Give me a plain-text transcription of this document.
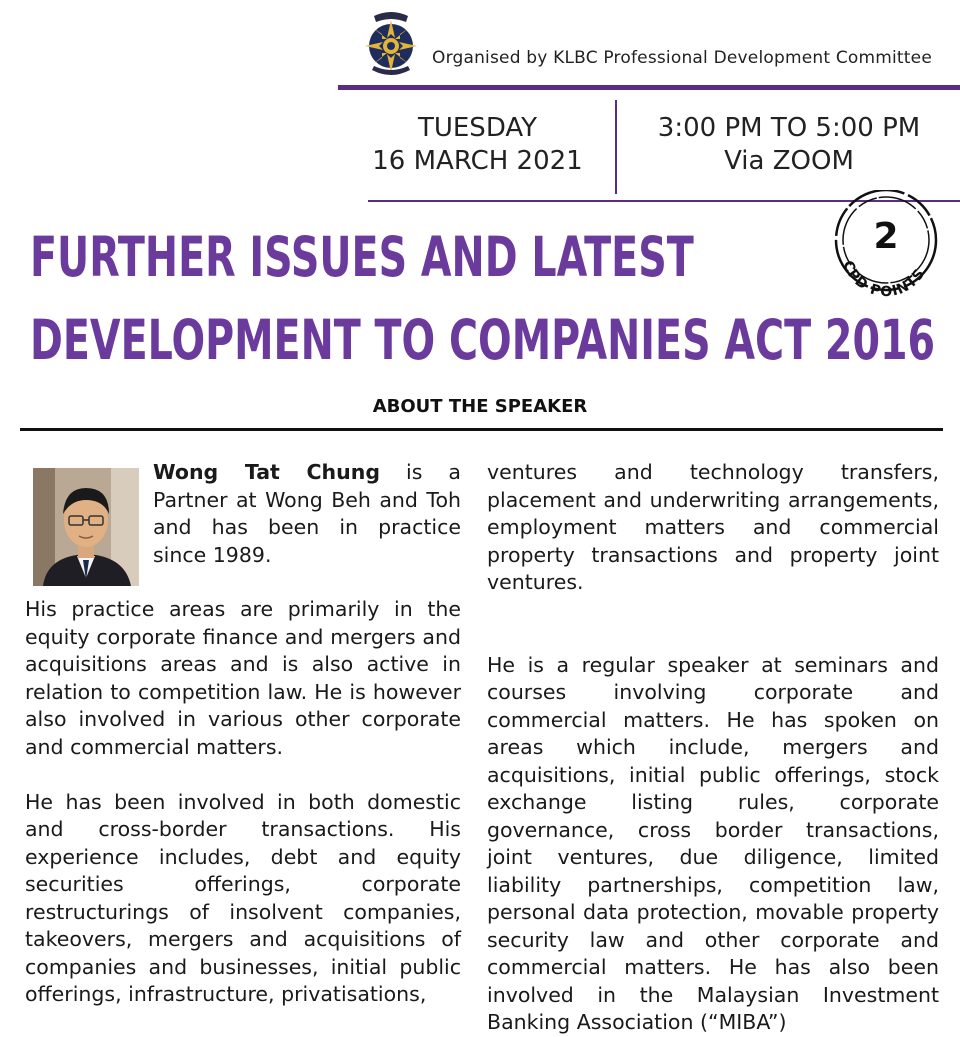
Organised by KLBC Professional Development Committee
TUESDAY
16 MARCH 2021
3:00 PM TO 5:00 PM
Via ZOOM
2
CPD POINTS
FURTHER ISSUES AND LATEST
DEVELOPMENT TO COMPANIES ACT 2016
ABOUT THE SPEAKER

Wong Tat Chung is a Partner at Wong Beh and Toh and has been in practice since 1989.

His practice areas are primarily in the equity corporate finance and mergers and acquisitions areas and is also active in relation to competition law. He is however also involved in various other corporate and commercial matters.

He has been involved in both domestic and cross-border transactions. His experience includes, debt and equity securities offerings, corporate restructurings of insolvent companies, takeovers, mergers and acquisitions of companies and businesses, initial public offerings, infrastructure, privatisations,

ventures and technology transfers, placement and underwriting arrangements, employment matters and commercial property transactions and property joint ventures.

He is a regular speaker at seminars and courses involving corporate and commercial matters. He has spoken on areas which include, mergers and acquisitions, initial public offerings, stock exchange listing rules, corporate governance, cross border transactions, joint ventures, due diligence, limited liability partnerships, competition law, personal data protection, movable property security law and other corporate and commercial matters. He has also been involved in the Malaysian Investment Banking Association (“MIBA”)
